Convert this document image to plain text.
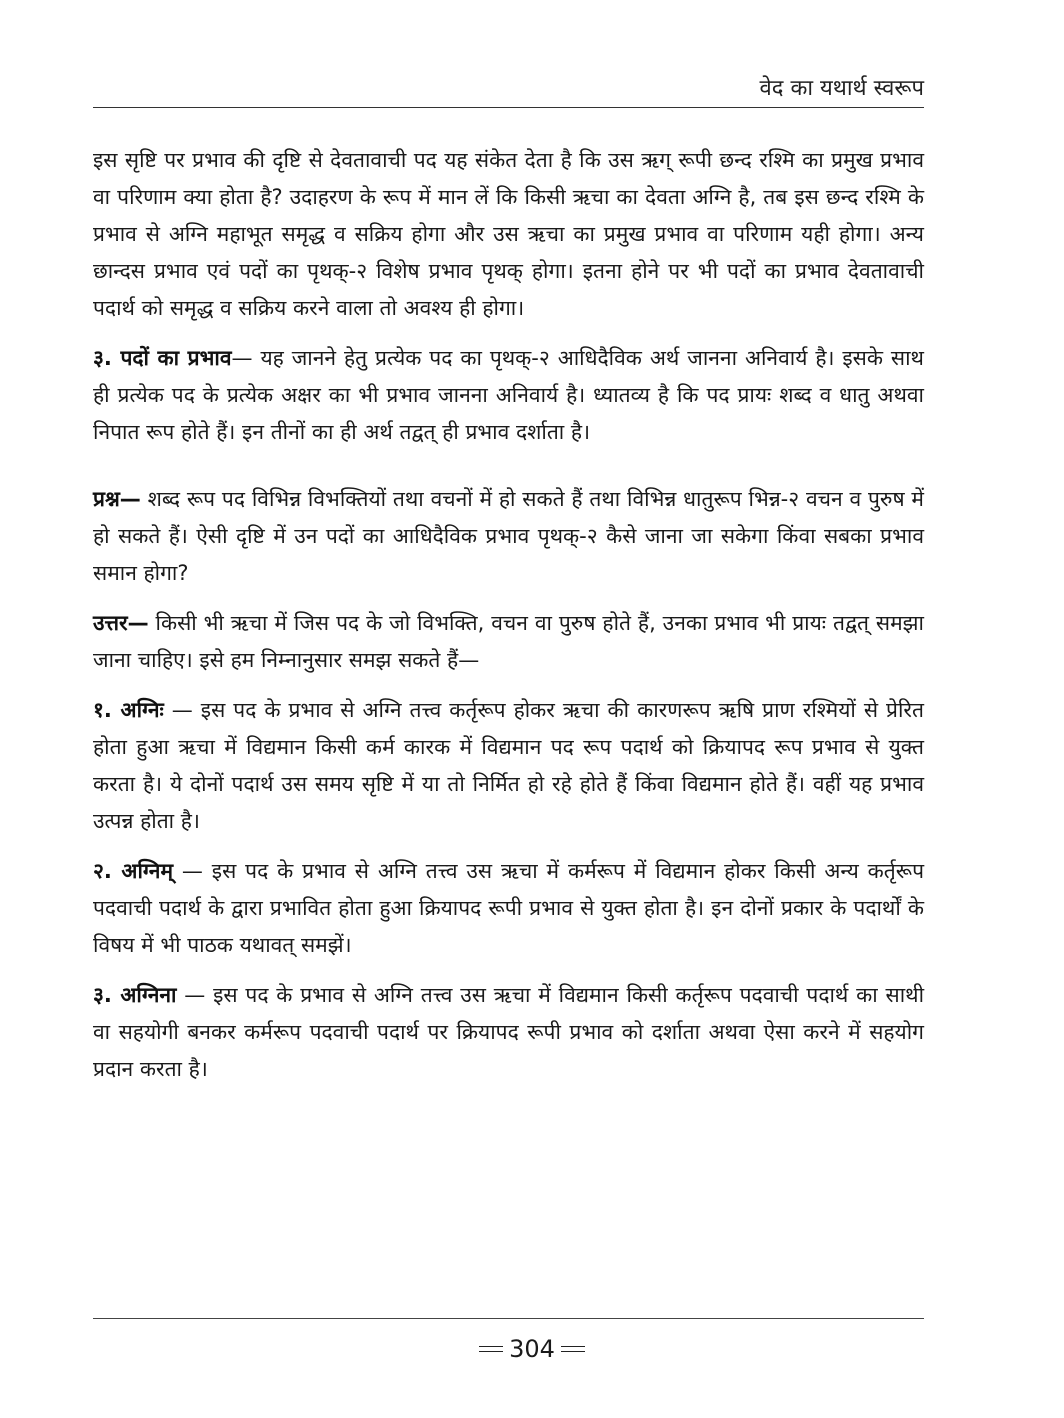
वेद का यथार्थ स्वरूप

इस सृष्टि पर प्रभाव की दृष्टि से देवतावाची पद यह संकेत देता है कि उस ऋग् रूपी छन्द रश्मि का प्रमुख प्रभाव वा परिणाम क्या होता है? उदाहरण के रूप में मान लें कि किसी ऋचा का देवता अग्नि है, तब इस छन्द रश्मि के प्रभाव से अग्नि महाभूत समृद्ध व सक्रिय होगा और उस ऋचा का प्रमुख प्रभाव वा परिणाम यही होगा। अन्य छान्दस प्रभाव एवं पदों का पृथक्-२ विशेष प्रभाव पृथक् होगा। इतना होने पर भी पदों का प्रभाव देवतावाची पदार्थ को समृद्ध व सक्रिय करने वाला तो अवश्य ही होगा।

३. पदों का प्रभाव— यह जानने हेतु प्रत्येक पद का पृथक्-२ आधिदैविक अर्थ जानना अनिवार्य है। इसके साथ ही प्रत्येक पद के प्रत्येक अक्षर का भी प्रभाव जानना अनिवार्य है। ध्यातव्य है कि पद प्रायः शब्द व धातु अथवा निपात रूप होते हैं। इन तीनों का ही अर्थ तद्वत् ही प्रभाव दर्शाता है।

प्रश्न— शब्द रूप पद विभिन्न विभक्तियों तथा वचनों में हो सकते हैं तथा विभिन्न धातुरूप भिन्न-२ वचन व पुरुष में हो सकते हैं। ऐसी दृष्टि में उन पदों का आधिदैविक प्रभाव पृथक्-२ कैसे जाना जा सकेगा किंवा सबका प्रभाव समान होगा?

उत्तर— किसी भी ऋचा में जिस पद के जो विभक्ति, वचन वा पुरुष होते हैं, उनका प्रभाव भी प्रायः तद्वत् समझा जाना चाहिए। इसे हम निम्नानुसार समझ सकते हैं—

१. अग्निः — इस पद के प्रभाव से अग्नि तत्त्व कर्तृरूप होकर ऋचा की कारणरूप ऋषि प्राण रश्मियों से प्रेरित होता हुआ ऋचा में विद्यमान किसी कर्म कारक में विद्यमान पद रूप पदार्थ को क्रियापद रूप प्रभाव से युक्त करता है। ये दोनों पदार्थ उस समय सृष्टि में या तो निर्मित हो रहे होते हैं किंवा विद्यमान होते हैं। वहीं यह प्रभाव उत्पन्न होता है।

२. अग्निम् — इस पद के प्रभाव से अग्नि तत्त्व उस ऋचा में कर्मरूप में विद्यमान होकर किसी अन्य कर्तृरूप पदवाची पदार्थ के द्वारा प्रभावित होता हुआ क्रियापद रूपी प्रभाव से युक्त होता है। इन दोनों प्रकार के पदार्थों के विषय में भी पाठक यथावत् समझें।

३. अग्निना — इस पद के प्रभाव से अग्नि तत्त्व उस ऋचा में विद्यमान किसी कर्तृरूप पदवाची पदार्थ का साथी वा सहयोगी बनकर कर्मरूप पदवाची पदार्थ पर क्रियापद रूपी प्रभाव को दर्शाता अथवा ऐसा करने में सहयोग प्रदान करता है।

304
